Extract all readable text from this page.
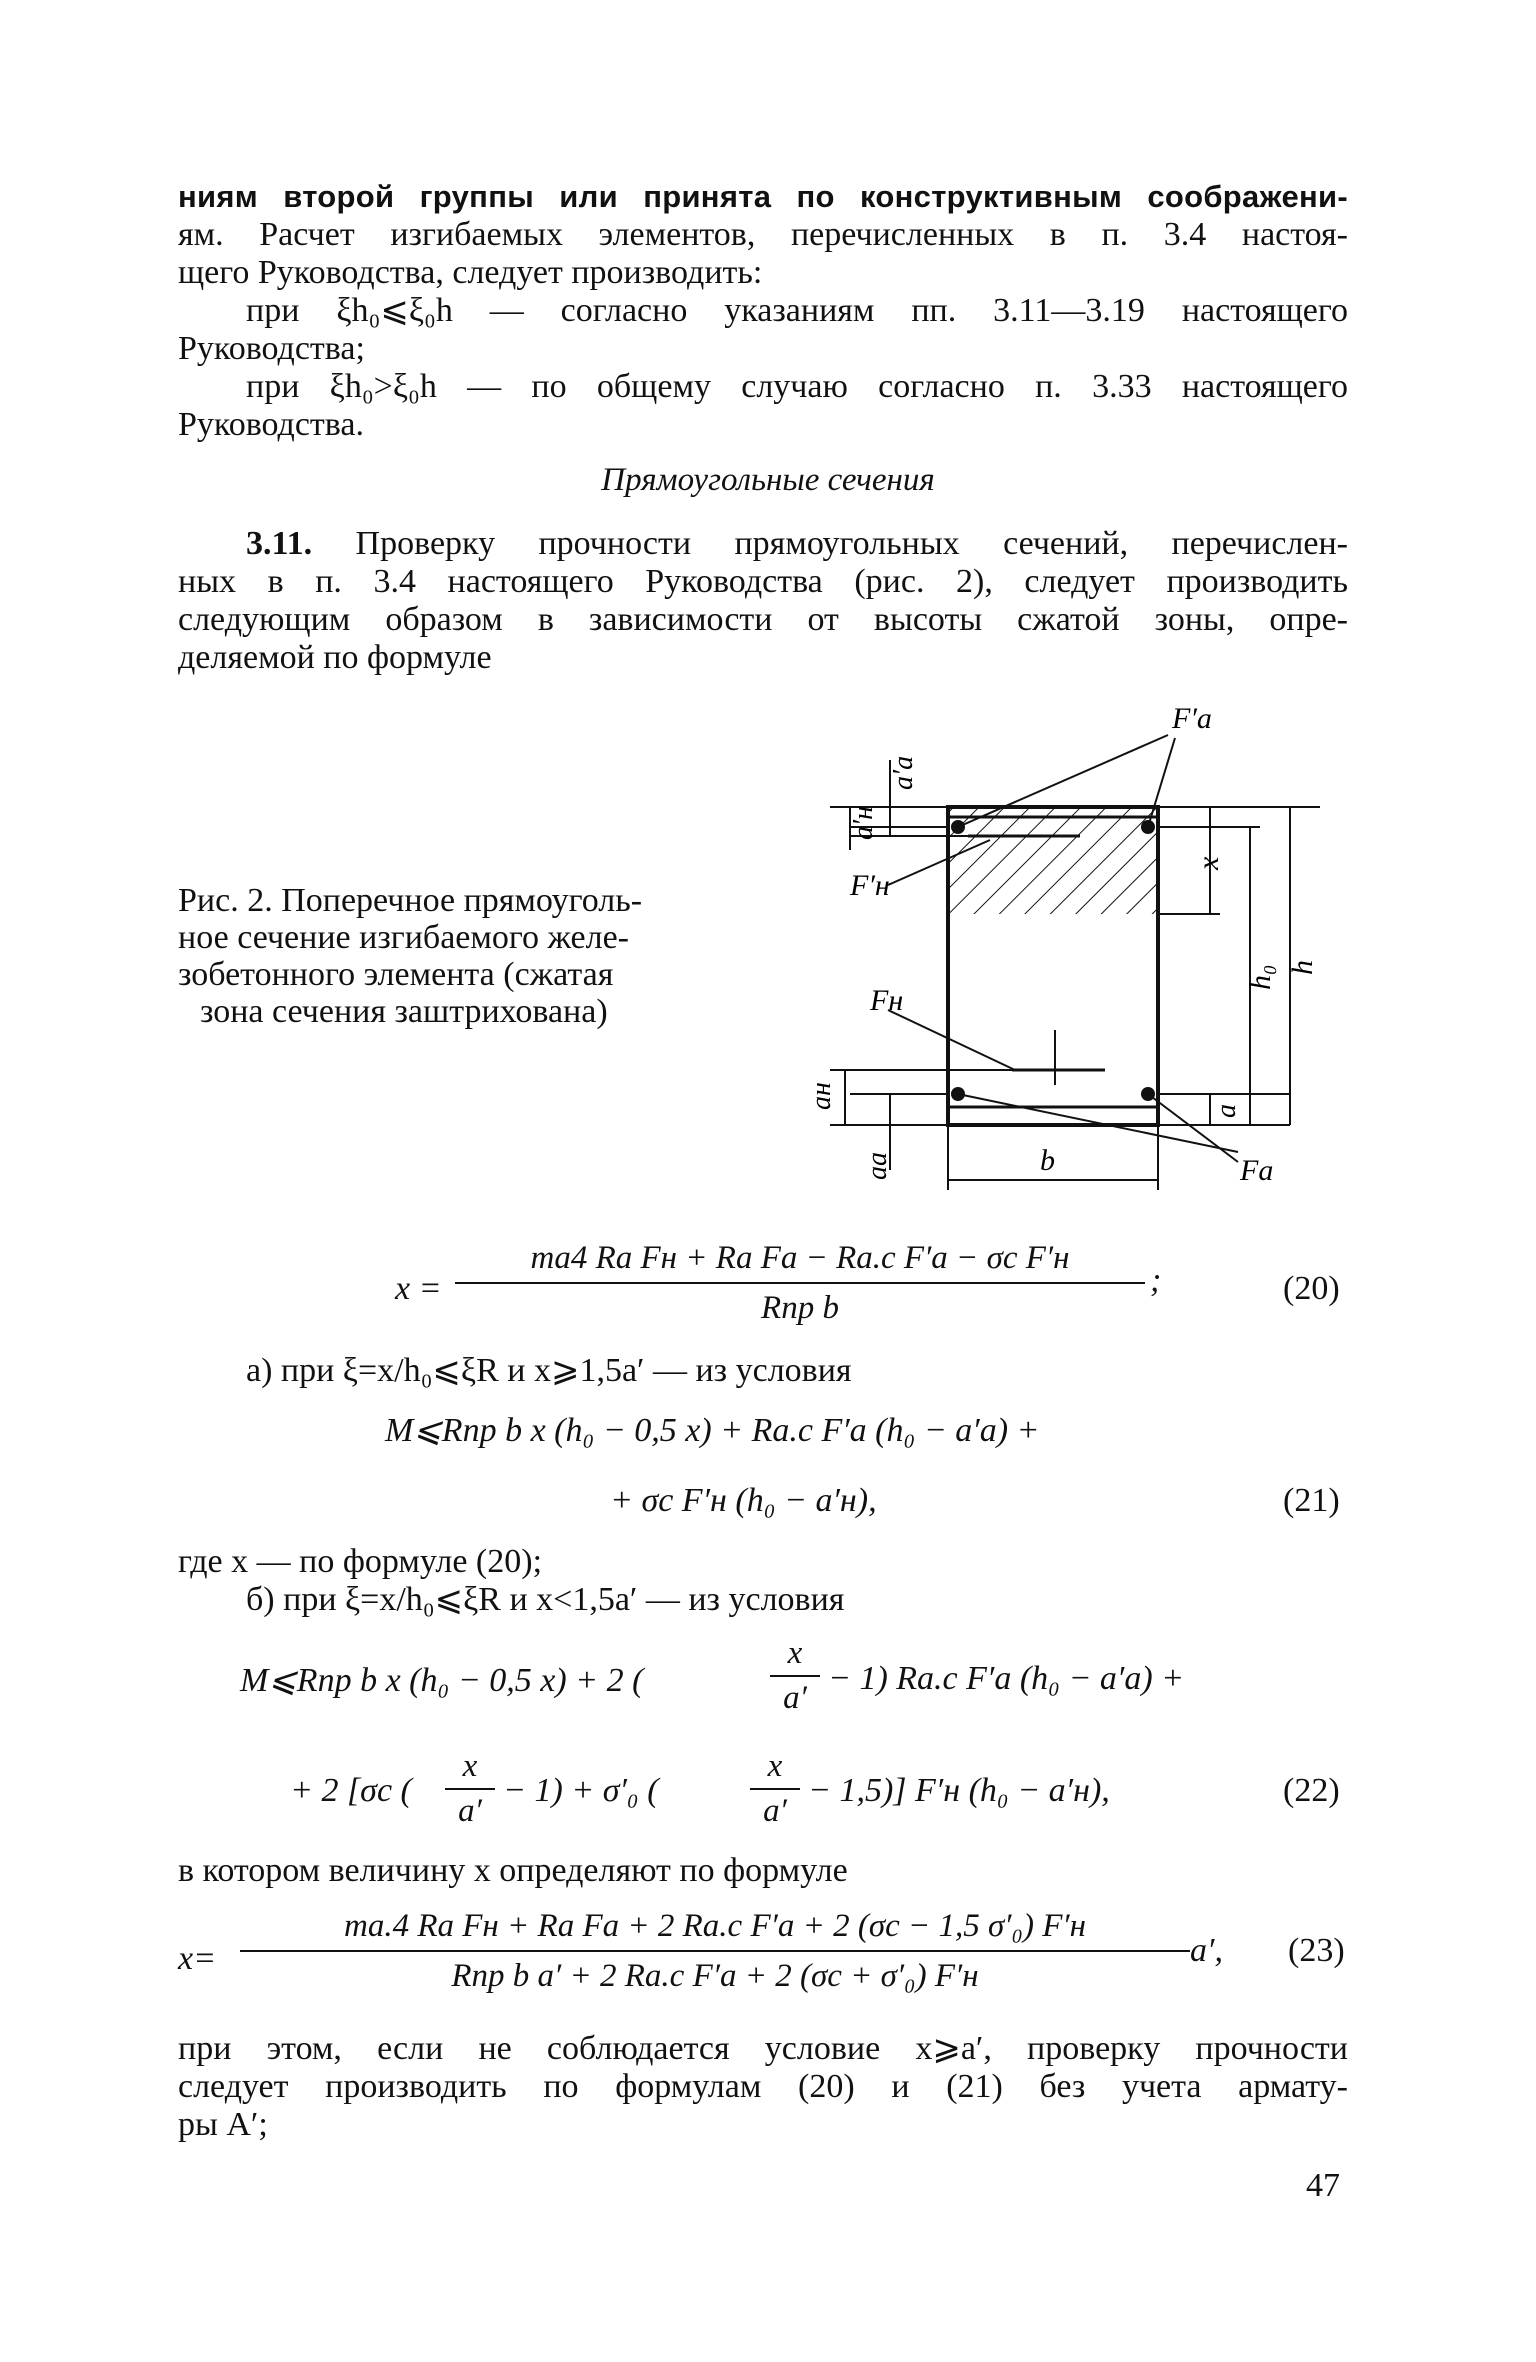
ниям второй группы или принята по конструктивным соображени-
ям. Расчет изгибаемых элементов, перечисленных в п. 3.4 настоя-
щего Руководства, следует производить:
при ξh₀⩽ξ₀h — согласно указаниям пп. 3.11—3.19 настоящего
Руководства;
при ξh₀>ξ₀h — по общему случаю согласно п. 3.33 настоящего
Руководства.
Прямоугольные сечения
3.11. Проверку прочности прямоугольных сечений, перечислен-
ных в п. 3.4 настоящего Руководства (рис. 2), следует производить
следующим образом в зависимости от высоты сжатой зоны, опре-
деляемой по формуле
Рис. 2. Поперечное прямоуголь-
ное сечение изгибаемого желе-
зобетонного элемента (сжатая
зона сечения заштрихована)
F′a
F′н
Fн
Fa
x
h₀ h
a
a′a
a′н
aн
aa	b
x =
mа4 Rа Fн + Rа Fа − Rа.с F′а − σс F′н
Rпр b
;	(20)
а) при ξ=x/h₀⩽ξR и x⩾1,5a′ — из условия
M⩽Rпр b x (h₀ − 0,5 x) + Rа.с F′а (h₀ − a′а) +
+ σс F′н (h₀ − a′н),	(21)
где x — по формуле (20);
б) при ξ=x/h₀⩽ξR и x<1,5a′ — из условия
M⩽Rпр b x (h₀ − 0,5 x) + 2 (
x
a′
− 1) Rа.с F′а (h₀ − a′а) +
+ 2 [σс (
x
a′
− 1) + σ′₀ (
x
a′
− 1,5)] F′н (h₀ − a′н),	(22)
в котором величину x определяют по формуле
x=
mа.4 Rа Fн + Rа Fа + 2 Rа.с F′а + 2 (σс − 1,5 σ′₀) F′н
Rпр b a′ + 2 Rа.с F′а + 2 (σс + σ′₀) F′н
a′, (23)
при этом, если не соблюдается условие x⩾a′, проверку прочности
следует производить по формулам (20) и (21) без учета армату-
ры A′;
47
